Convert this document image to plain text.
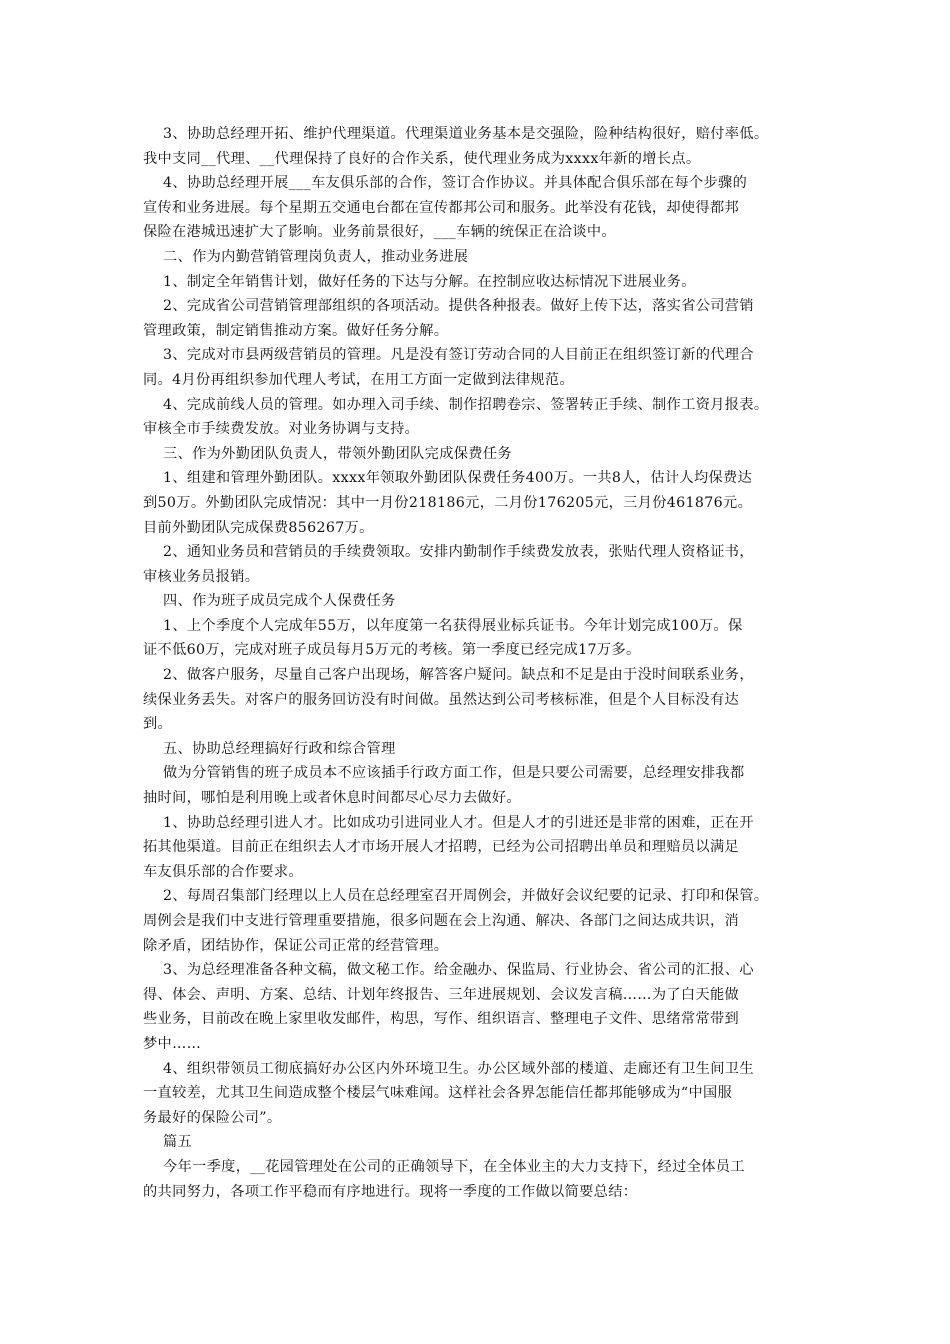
3、协助总经理开拓、维护代理渠道。代理渠道业务基本是交强险，险种结构很好，赔付率低。
我中支同__代理、__代理保持了良好的合作关系，使代理业务成为xxxx年新的增长点。
4、协助总经理开展___车友俱乐部的合作，签订合作协议。并具体配合俱乐部在每个步骤的
宣传和业务进展。每个星期五交通电台都在宣传都邦公司和服务。此举没有花钱，却使得都邦
保险在港城迅速扩大了影响。业务前景很好，___车辆的统保正在洽谈中。
二、作为内勤营销管理岗负责人，推动业务进展
1、制定全年销售计划，做好任务的下达与分解。在控制应收达标情况下进展业务。
2、完成省公司营销管理部组织的各项活动。提供各种报表。做好上传下达，落实省公司营销
管理政策，制定销售推动方案。做好任务分解。
3、完成对市县两级营销员的管理。凡是没有签订劳动合同的人目前正在组织签订新的代理合
同。4月份再组织参加代理人考试，在用工方面一定做到法律规范。
4、完成前线人员的管理。如办理入司手续、制作招聘卷宗、签署转正手续、制作工资月报表。
审核全市手续费发放。对业务协调与支持。
三、作为外勤团队负责人，带领外勤团队完成保费任务
1、组建和管理外勤团队。xxxx年领取外勤团队保费任务400万。一共8人，估计人均保费达
到50万。外勤团队完成情况：其中一月份218186元，二月份176205元，三月份461876元。
目前外勤团队完成保费856267万。
2、通知业务员和营销员的手续费领取。安排内勤制作手续费发放表，张贴代理人资格证书，
审核业务员报销。
四、作为班子成员完成个人保费任务
1、上个季度个人完成年55万，以年度第一名获得展业标兵证书。今年计划完成100万。保
证不低60万，完成对班子成员每月5万元的考核。第一季度已经完成17万多。
2、做客户服务，尽量自己客户出现场，解答客户疑问。缺点和不足是由于没时间联系业务，
续保业务丢失。对客户的服务回访没有时间做。虽然达到公司考核标准，但是个人目标没有达
到。
五、协助总经理搞好行政和综合管理
做为分管销售的班子成员本不应该插手行政方面工作，但是只要公司需要，总经理安排我都
抽时间，哪怕是利用晚上或者休息时间都尽心尽力去做好。
1、协助总经理引进人才。比如成功引进同业人才。但是人才的引进还是非常的困难，正在开
拓其他渠道。目前正在组织去人才市场开展人才招聘，已经为公司招聘出单员和理赔员以满足
车友俱乐部的合作要求。
2、每周召集部门经理以上人员在总经理室召开周例会，并做好会议纪要的记录、打印和保管。
周例会是我们中支进行管理重要措施，很多问题在会上沟通、解决、各部门之间达成共识，消
除矛盾，团结协作，保证公司正常的经营管理。
3、为总经理准备各种文稿，做文秘工作。给金融办、保监局、行业协会、省公司的汇报、心
得、体会、声明、方案、总结、计划年终报告、三年进展规划、会议发言稿……为了白天能做
些业务，目前改在晚上家里收发邮件，构思，写作、组织语言、整理电子文件、思绪常常带到
梦中……
4、组织带领员工彻底搞好办公区内外环境卫生。办公区域外部的楼道、走廊还有卫生间卫生
一直较差，尤其卫生间造成整个楼层气味难闻。这样社会各界怎能信任都邦能够成为“中国服
务最好的保险公司”。
篇五
今年一季度，__花园管理处在公司的正确领导下，在全体业主的大力支持下，经过全体员工
的共同努力，各项工作平稳而有序地进行。现将一季度的工作做以简要总结：
